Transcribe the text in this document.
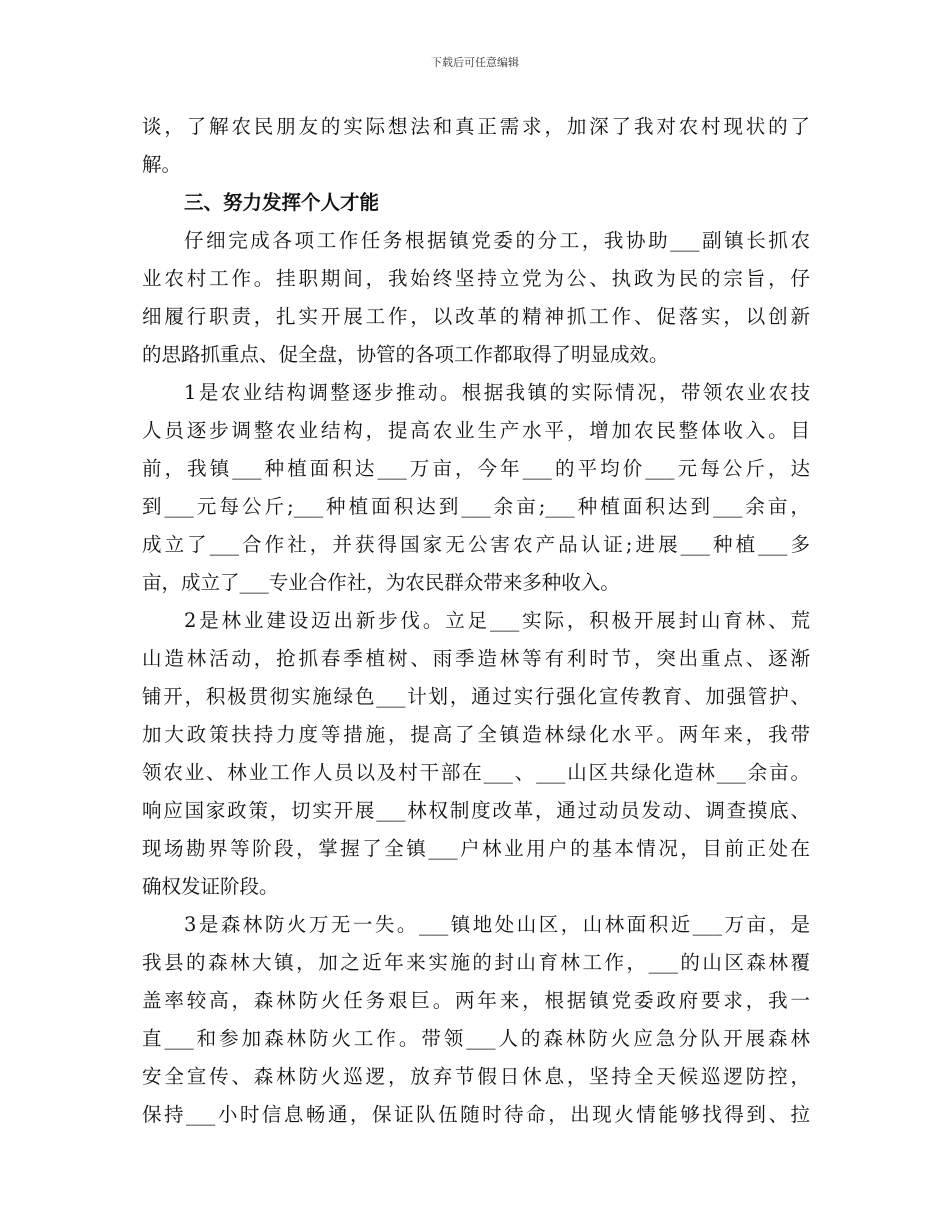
下载后可任意编辑
谈，了解农民朋友的实际想法和真正需求，加深了我对农村现状的了
解。
三、努力发挥个人才能
仔细完成各项工作任务根据镇党委的分工，我协助___副镇长抓农
业农村工作。挂职期间，我始终坚持立党为公、执政为民的宗旨，仔
细履行职责，扎实开展工作，以改革的精神抓工作、促落实，以创新
的思路抓重点、促全盘，协管的各项工作都取得了明显成效。
1是农业结构调整逐步推动。根据我镇的实际情况，带领农业农技
人员逐步调整农业结构，提高农业生产水平，增加农民整体收入。目
前，我镇___种植面积达___万亩，今年___的平均价___元每公斤，达
到___元每公斤;___种植面积达到___余亩;___种植面积达到___余亩，
成立了___合作社，并获得国家无公害农产品认证;进展___种植___多
亩，成立了___专业合作社，为农民群众带来多种收入。
2是林业建设迈出新步伐。立足___实际，积极开展封山育林、荒
山造林活动，抢抓春季植树、雨季造林等有利时节，突出重点、逐渐
铺开，积极贯彻实施绿色___计划，通过实行强化宣传教育、加强管护、
加大政策扶持力度等措施，提高了全镇造林绿化水平。两年来，我带
领农业、林业工作人员以及村干部在___、___山区共绿化造林___余亩。
响应国家政策，切实开展___林权制度改革，通过动员发动、调查摸底、
现场勘界等阶段，掌握了全镇___户林业用户的基本情况，目前正处在
确权发证阶段。
3是森林防火万无一失。___镇地处山区，山林面积近___万亩，是
我县的森林大镇，加之近年来实施的封山育林工作，___的山区森林覆
盖率较高，森林防火任务艰巨。两年来，根据镇党委政府要求，我一
直___和参加森林防火工作。带领___人的森林防火应急分队开展森林
安全宣传、森林防火巡逻，放弃节假日休息，坚持全天候巡逻防控，
保持___小时信息畅通，保证队伍随时待命，出现火情能够找得到、拉
